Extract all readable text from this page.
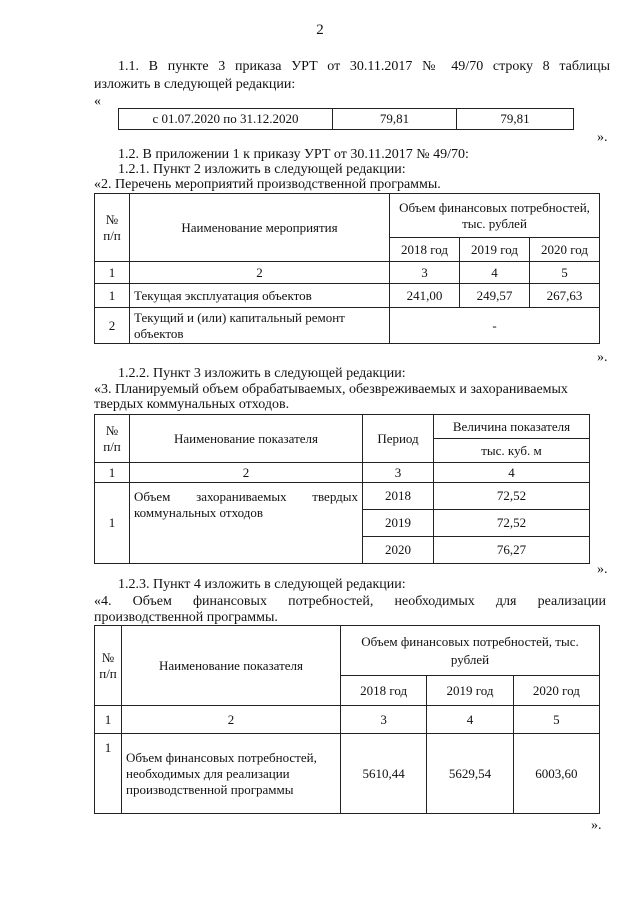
2
1.1. В пункте 3 приказа УРТ от 30.11.2017 № 49/70 строку 8 таблицы
изложить в следующей редакции:
«
с 01.07.2020 по 31.12.2020	79,81	79,81
».
1.2. В приложении 1 к приказу УРТ от 30.11.2017 № 49/70:
1.2.1. Пункт 2 изложить в следующей редакции:
«2. Перечень мероприятий производственной программы.
№ п/п	Наименование мероприятия	Объем финансовых потребностей, тыс. рублей		
		2018 год	2019 год	2020 год
1	2	3	4	5
1	Текущая эксплуатация объектов	241,00	249,57	267,63
2	Текущий и (или) капитальный ремонт объектов	-		
».
1.2.2. Пункт 3 изложить в следующей редакции:
«3. Планируемый объем обрабатываемых, обезвреживаемых и захораниваемых
твердых коммунальных отходов.
№ п/п	Наименование показателя	Период	Величина показателя
			тыс. куб. м
1	2	3	4
1	Объем захораниваемых твердых коммунальных отходов	2018	72,52
		2019	72,52
		2020	76,27
».
1.2.3. Пункт 4 изложить в следующей редакции:
«4. Объем финансовых потребностей, необходимых для реализации
производственной программы.
№ п/п	Наименование показателя	Объем финансовых потребностей, тыс. рублей		
		2018 год	2019 год	2020 год
1	2	3	4	5
1	Объем финансовых потребностей, необходимых для реализации производственной программы	5610,44	5629,54	6003,60
».
